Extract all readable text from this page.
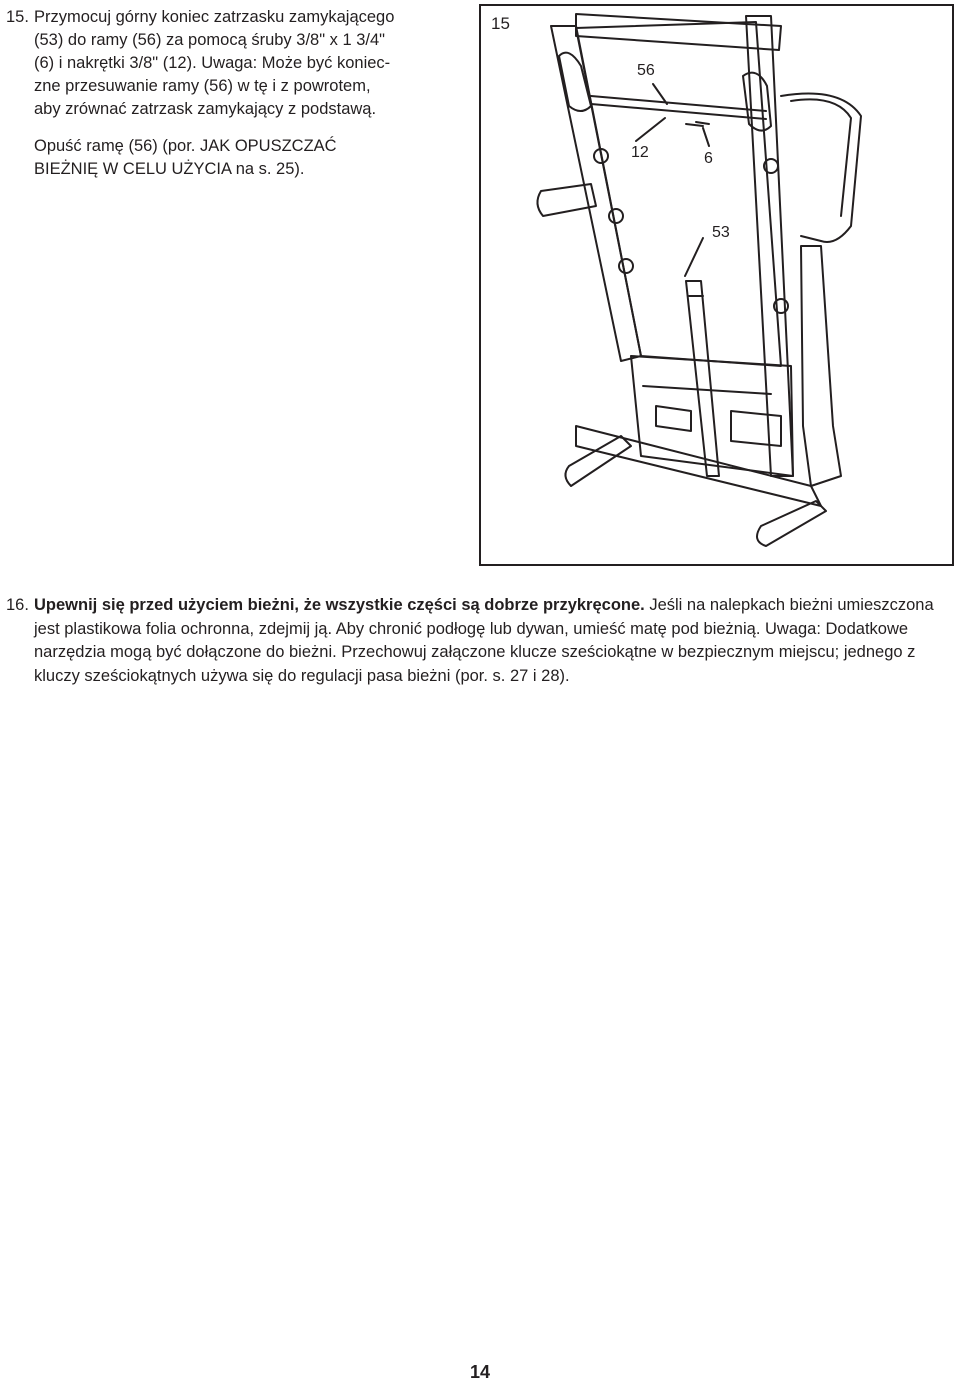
15. Przymocuj górny koniec zatrzasku zamykającego
(53) do ramy (56) za pomocą śruby 3/8" x 1 3/4"
(6) i nakrętki 3/8" (12). Uwaga: Może być koniec-
zne przesuwanie ramy (56) w tę i z powrotem,
aby zrównać zatrzask zamykający z podstawą.

Opuść ramę (56) (por. JAK OPUSZCZAĆ
BIEŻNIĘ W CELU UŻYCIA na s. 25).

15
56
12	6
53
16. Upewnij się przed użyciem bieżni, że wszystkie części są dobrze przykręcone. Jeśli na nalepkach bieżni umieszczona jest plastikowa folia ochronna, zdejmij ją. Aby chronić podłogę lub dywan, umieść matę pod bieżnią. Uwaga: Dodatkowe narzędzia mogą być dołączone do bieżni. Przechowuj załączone klucze sześciokątne w bezpiecznym miejscu; jednego z kluczy sześciokątnych używa się do regulacji pasa bieżni (por. s. 27 i 28).

14
